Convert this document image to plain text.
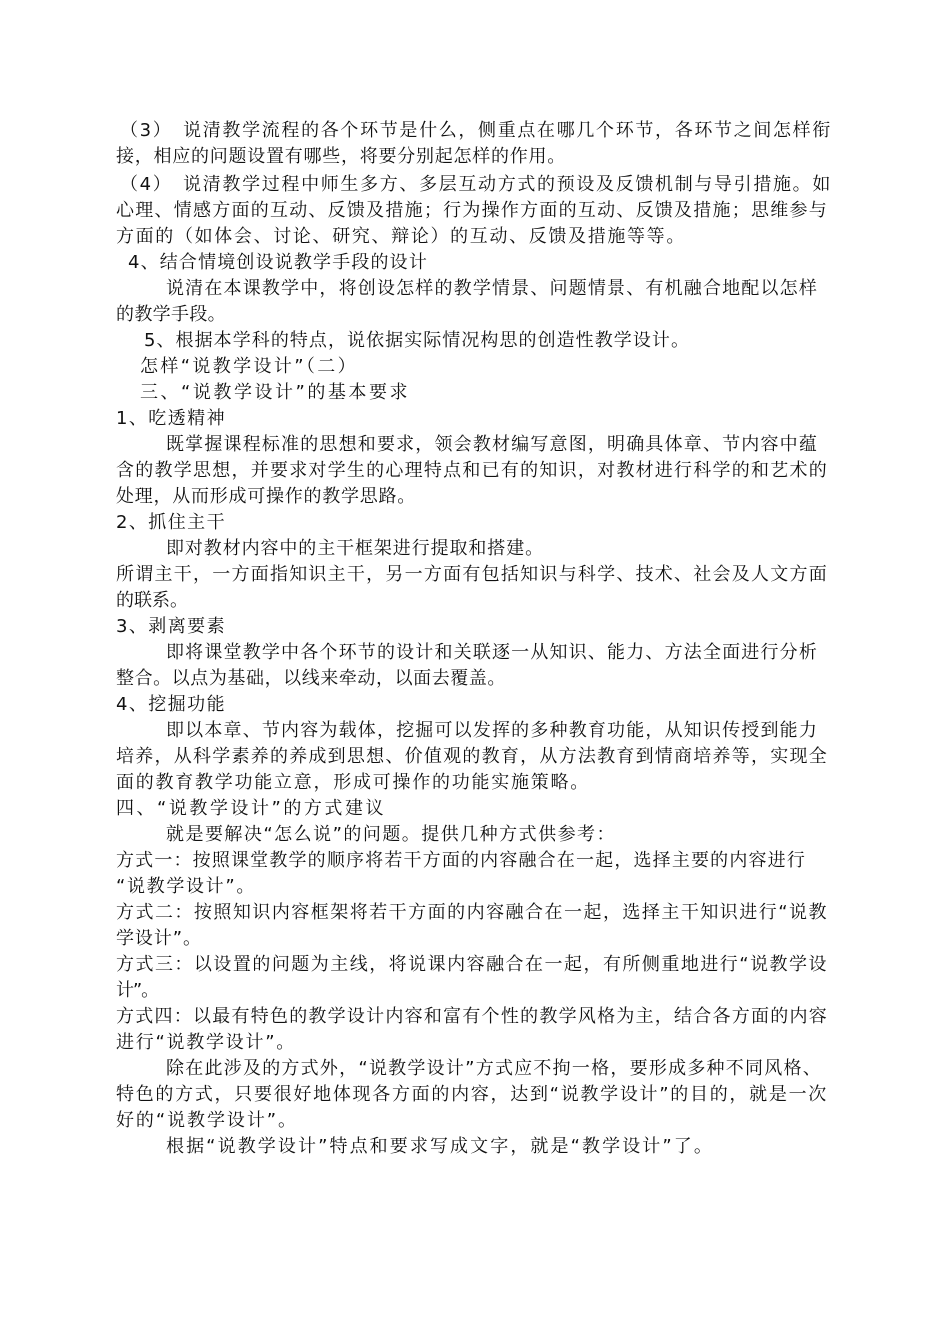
（3）　说清教学流程的各个环节是什么，侧重点在哪几个环节，各环节之间怎样衔

接，相应的问题设置有哪些，将要分别起怎样的作用。

（4）　说清教学过程中师生多方、多层互动方式的预设及反馈机制与导引措施。如

心理、情感方面的互动、反馈及措施；行为操作方面的互动、反馈及措施；思维参与

方面的（如体会、讨论、研究、辩论）的互动、反馈及措施等等。

4、结合情境创设说教学手段的设计

说清在本课教学中，将创设怎样的教学情景、问题情景、有机融合地配以怎样

的教学手段。

5、根据本学科的特点，说依据实际情况构思的创造性教学设计。

怎样“说教学设计”（二）

三、“说教学设计”的基本要求

1、吃透精神

既掌握课程标准的思想和要求，领会教材编写意图，明确具体章、节内容中蕴

含的教学思想，并要求对学生的心理特点和已有的知识，对教材进行科学的和艺术的

处理，从而形成可操作的教学思路。

2、抓住主干

即对教材内容中的主干框架进行提取和搭建。

所谓主干，一方面指知识主干，另一方面有包括知识与科学、技术、社会及人文方面

的联系。

3、剥离要素

即将课堂教学中各个环节的设计和关联逐一从知识、能力、方法全面进行分析

整合。以点为基础，以线来牵动，以面去覆盖。

4、挖掘功能

即以本章、节内容为载体，挖掘可以发挥的多种教育功能，从知识传授到能力

培养，从科学素养的养成到思想、价值观的教育，从方法教育到情商培养等，实现全

面的教育教学功能立意，形成可操作的功能实施策略。

四、“说教学设计”的方式建议

就是要解决“怎么说”的问题。提供几种方式供参考：

方式一：按照课堂教学的顺序将若干方面的内容融合在一起，选择主要的内容进行

“说教学设计”。

方式二：按照知识内容框架将若干方面的内容融合在一起，选择主干知识进行“说教

学设计”。

方式三：以设置的问题为主线，将说课内容融合在一起，有所侧重地进行“说教学设

计”。

方式四：以最有特色的教学设计内容和富有个性的教学风格为主，结合各方面的内容

进行“说教学设计”。

除在此涉及的方式外，“说教学设计”方式应不拘一格，要形成多种不同风格、

特色的方式，只要很好地体现各方面的内容，达到“说教学设计”的目的，就是一次

好的“说教学设计”。

根据“说教学设计”特点和要求写成文字，就是“教学设计”了。
